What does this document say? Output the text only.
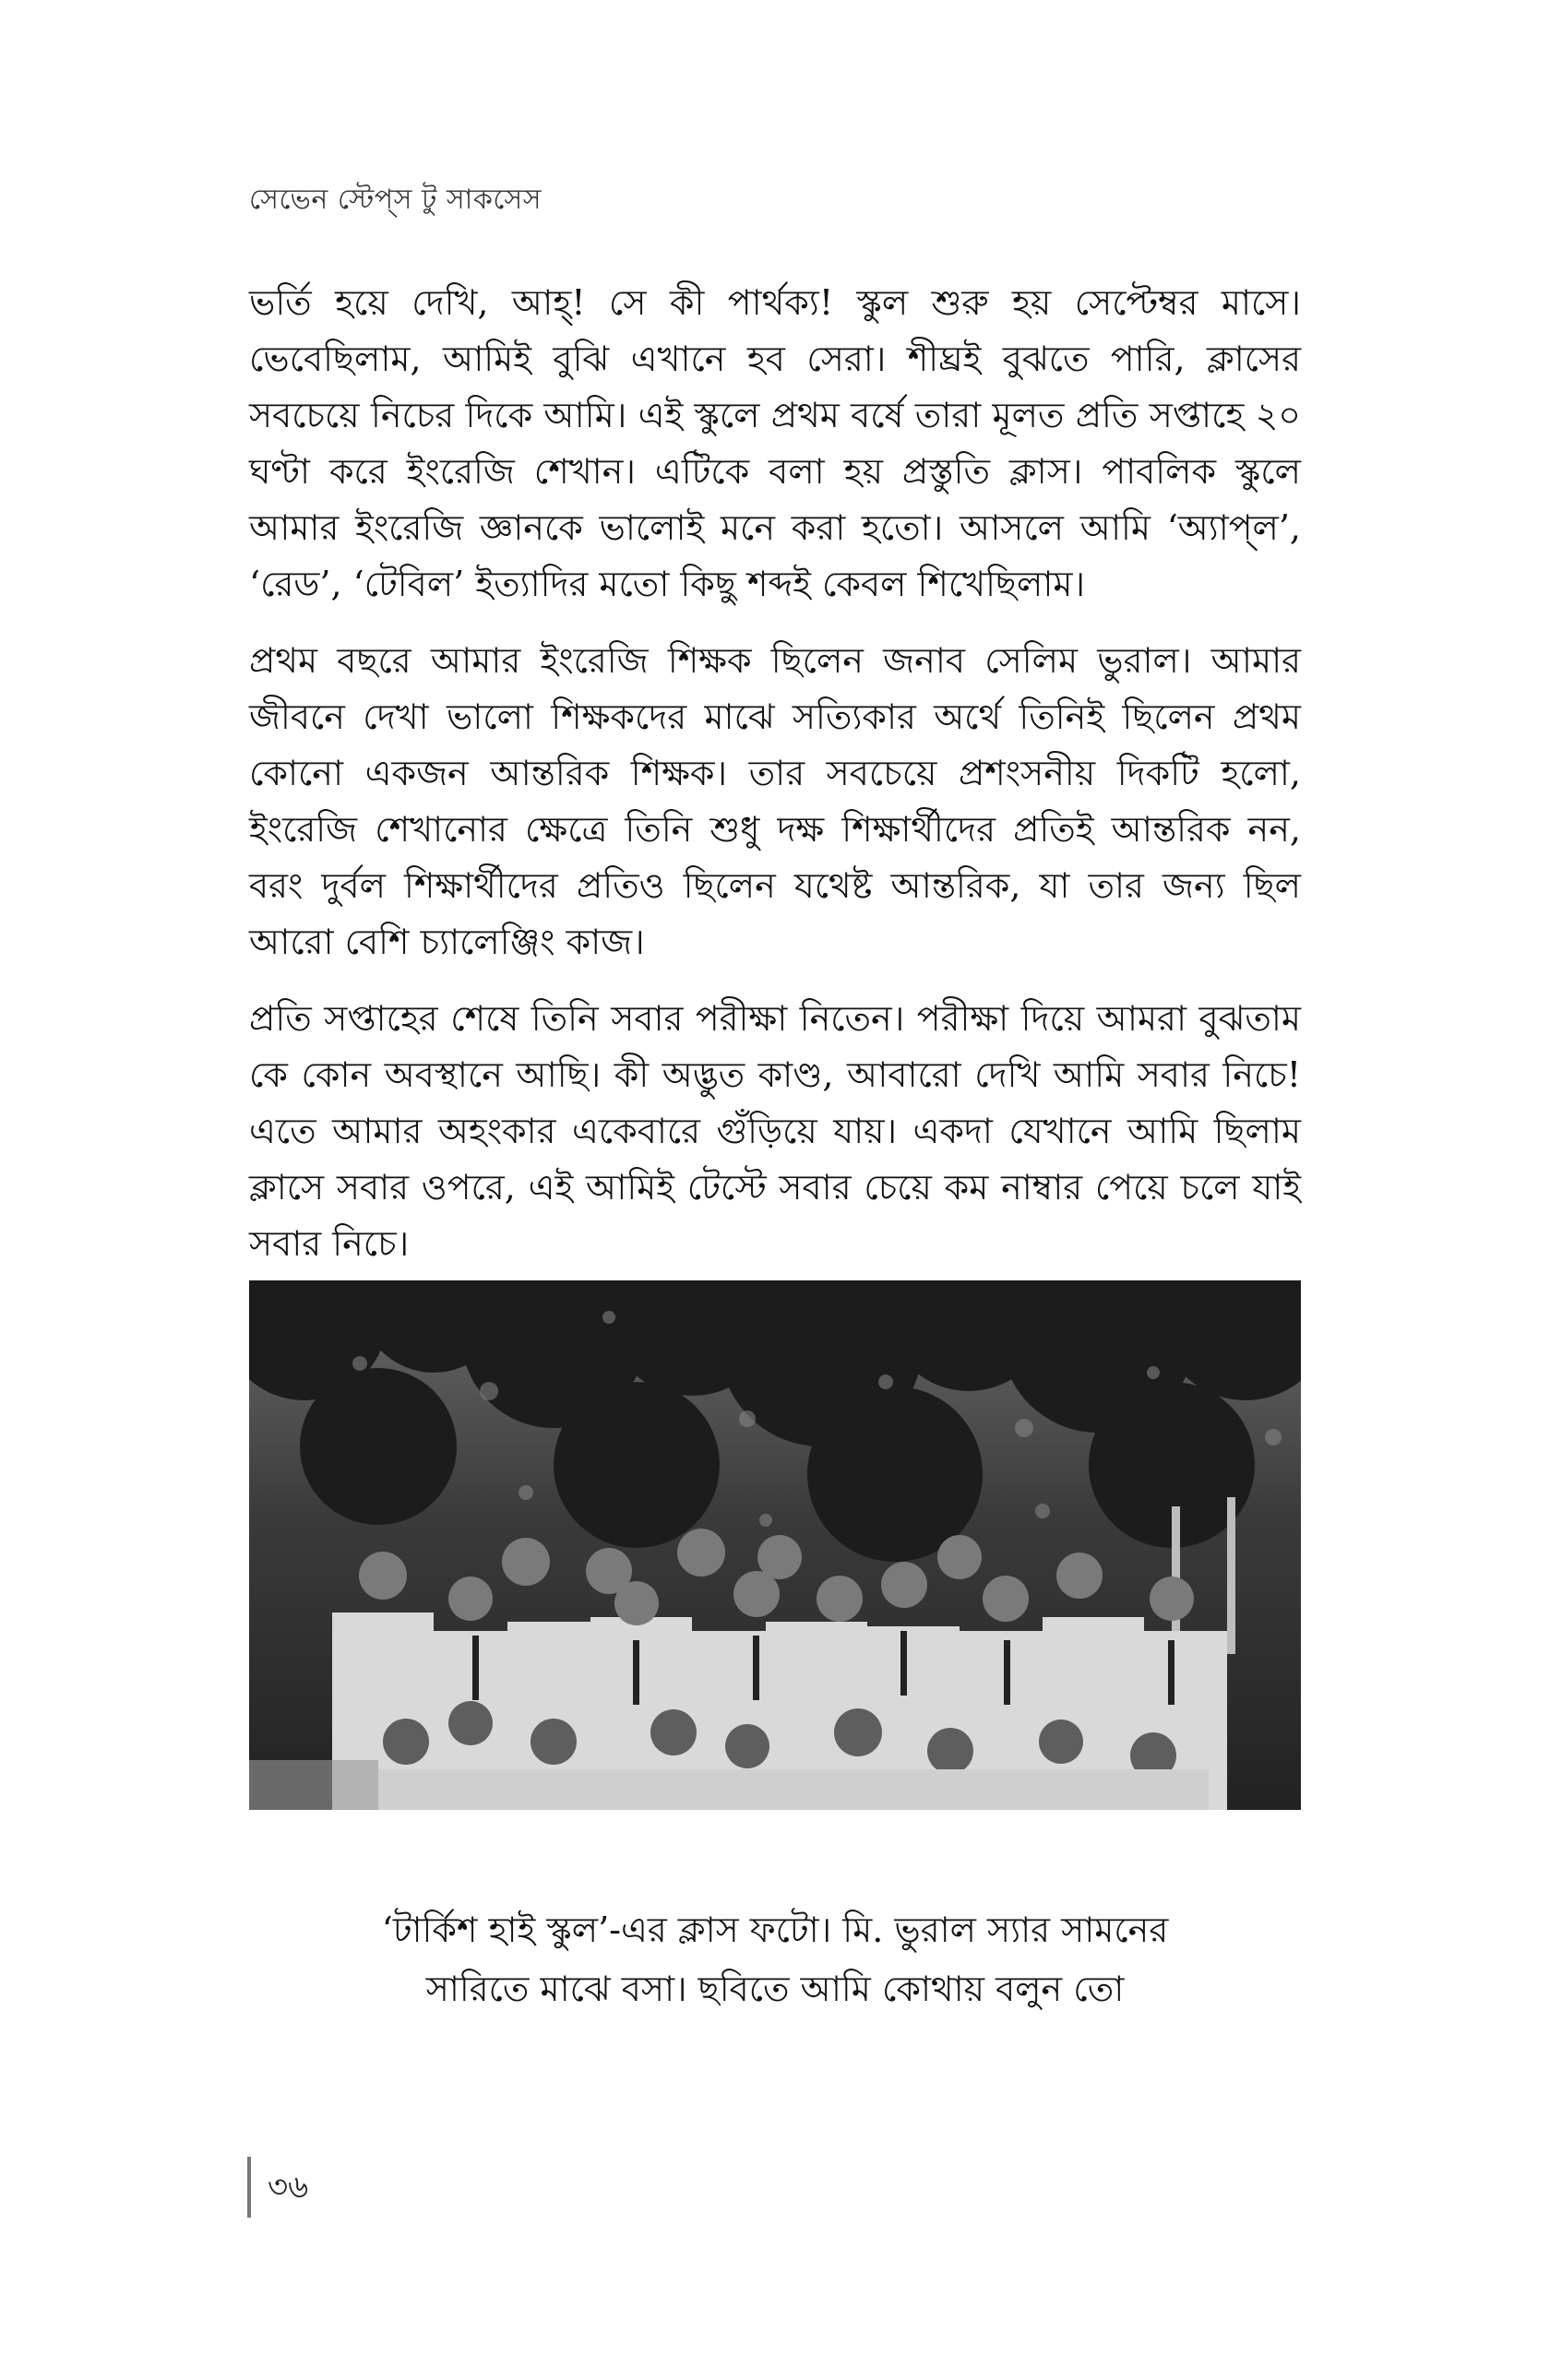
সেভেন স্টেপ্‌স টু সাকসেস

ভর্তি হয়ে দেখি, আহ্‌! সে কী পার্থক্য! স্কুল শুরু হয় সেপ্টেম্বর মাসে। ভেবেছিলাম, আমিই বুঝি এখানে হব সেরা। শীঘ্রই বুঝতে পারি, ক্লাসের সবচেয়ে নিচের দিকে আমি। এই স্কুলে প্রথম বর্ষে তারা মূলত প্রতি সপ্তাহে ২০ ঘণ্টা করে ইংরেজি শেখান। এটিকে বলা হয় প্রস্তুতি ক্লাস। পাবলিক স্কুলে আমার ইংরেজি জ্ঞানকে ভালোই মনে করা হতো। আসলে আমি ‘অ্যাপ্‌ল’, ‘রেড’, ‘টেবিল’ ইত্যাদির মতো কিছু শব্দই কেবল শিখেছিলাম।

প্রথম বছরে আমার ইংরেজি শিক্ষক ছিলেন জনাব সেলিম ভুরাল। আমার জীবনে দেখা ভালো শিক্ষকদের মাঝে সত্যিকার অর্থে তিনিই ছিলেন প্রথম কোনো একজন আন্তরিক শিক্ষক। তার সবচেয়ে প্রশংসনীয় দিকটি হলো, ইংরেজি শেখানোর ক্ষেত্রে তিনি শুধু দক্ষ শিক্ষার্থীদের প্রতিই আন্তরিক নন, বরং দুর্বল শিক্ষার্থীদের প্রতিও ছিলেন যথেষ্ট আন্তরিক, যা তার জন্য ছিল আরো বেশি চ্যালেঞ্জিং কাজ।

প্রতি সপ্তাহের শেষে তিনি সবার পরীক্ষা নিতেন। পরীক্ষা দিয়ে আমরা বুঝতাম কে কোন অবস্থানে আছি। কী অদ্ভুত কাণ্ড, আবারো দেখি আমি সবার নিচে! এতে আমার অহংকার একেবারে গুঁড়িয়ে যায়। একদা যেখানে আমি ছিলাম ক্লাসে সবার ওপরে, এই আমিই টেস্টে সবার চেয়ে কম নাম্বার পেয়ে চলে যাই সবার নিচে।

‘টার্কিশ হাই স্কুল’-এর ক্লাস ফটো। মি. ভুরাল স্যার সামনের
সারিতে মাঝে বসা। ছবিতে আমি কোথায় বলুন তো
৩৬
